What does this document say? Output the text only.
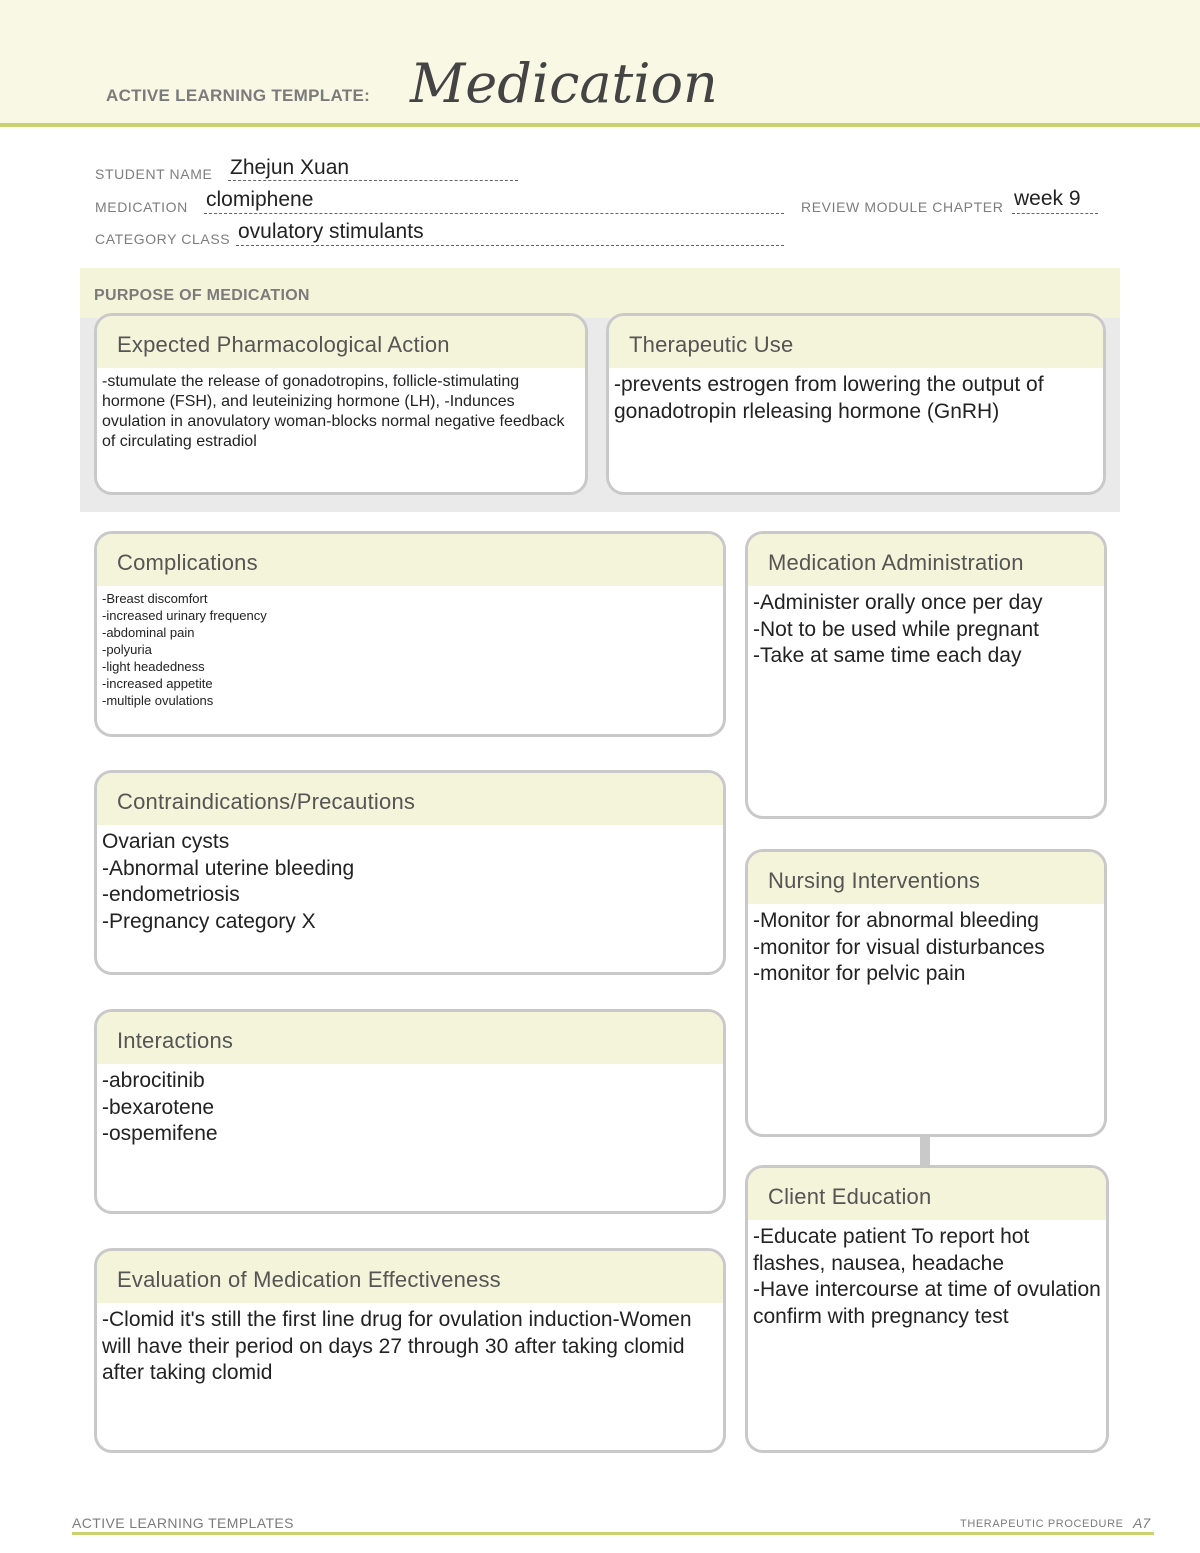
ACTIVE LEARNING TEMPLATE: Medication
STUDENT NAME Zhejun Xuan
MEDICATION clomiphene	REVIEW MODULE CHAPTER week 9
CATEGORY CLASS ovulatory stimulants
PURPOSE OF MEDICATION
Expected Pharmacological Action
-stumulate the release of gonadotropins, follicle-stimulating hormone (FSH), and leuteinizing hormone (LH), -Indunces ovulation in anovulatory woman-blocks normal negative feedback of circulating estradiol
Therapeutic Use
-prevents estrogen from lowering the output of gonadotropin rleleasing hormone (GnRH)
Complications
-Breast discomfort
-increased urinary frequency
-abdominal pain
-polyuria
-light headedness
-increased appetite
-multiple ovulations
Contraindications/Precautions
Ovarian cysts
-Abnormal uterine bleeding
-endometriosis
-Pregnancy category X
Interactions
-abrocitinib
-bexarotene
-ospemifene
Evaluation of Medication Effectiveness
-Clomid it's still the first line drug for ovulation induction-Women will have their period on days 27 through 30 after taking clomid after taking clomid
Medication Administration
-Administer orally once per day
-Not to be used while pregnant
-Take at same time each day
Nursing Interventions
-Monitor for abnormal bleeding
-monitor for visual disturbances
-monitor for pelvic pain
Client Education
-Educate patient To report hot flashes, nausea, headache
-Have intercourse at time of ovulation confirm with pregnancy test
ACTIVE LEARNING TEMPLATES	THERAPEUTIC PROCEDURE A7
